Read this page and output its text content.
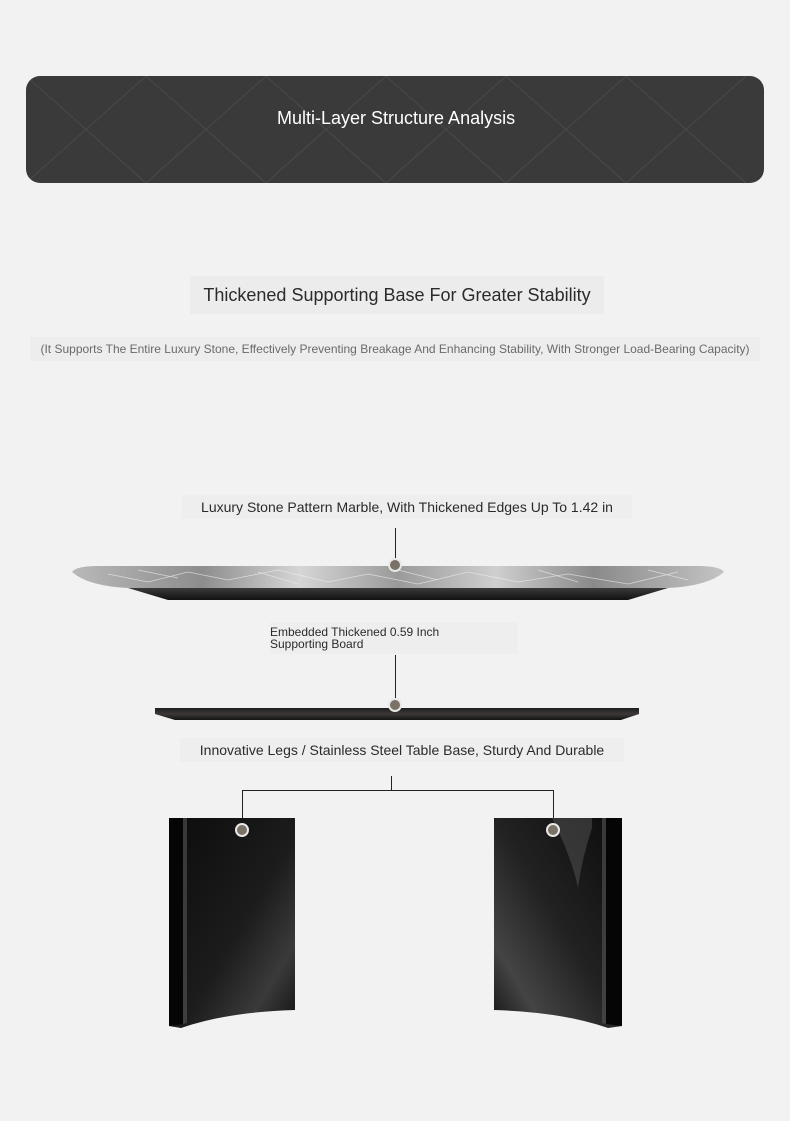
Multi-Layer Structure Analysis
Thickened Supporting Base For Greater Stability
(It Supports The Entire Luxury Stone, Effectively Preventing Breakage And Enhancing Stability, With Stronger Load-Bearing Capacity)
Luxury Stone Pattern Marble, With Thickened Edges Up To 1.42 in
Embedded Thickened 0.59 Inch
Supporting Board
Innovative Legs / Stainless Steel Table Base, Sturdy And Durable
